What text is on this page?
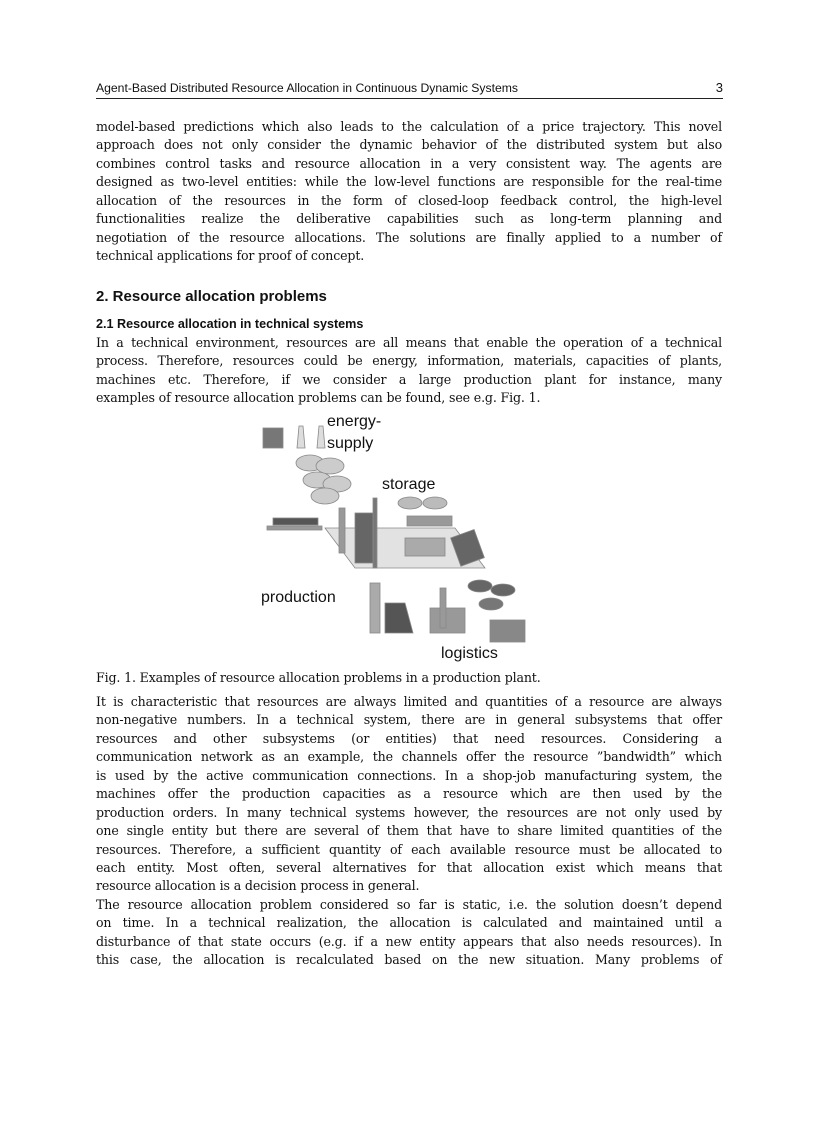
Agent-Based Distributed Resource Allocation in Continuous Dynamic Systems	3
model-based predictions which also leads to the calculation of a price trajectory. This novel
approach does not only consider the dynamic behavior of the distributed system but also
combines control tasks and resource allocation in a very consistent way. The agents are
designed as two-level entities: while the low-level functions are responsible for the real-time
allocation of the resources in the form of closed-loop feedback control, the high-level
functionalities realize the deliberative capabilities such as long-term planning and
negotiation of the resource allocations. The solutions are finally applied to a number of
technical applications for proof of concept.
2. Resource allocation problems
2.1 Resource allocation in technical systems
In a technical environment, resources are all means that enable the operation of a technical
process. Therefore, resources could be energy, information, materials, capacities of plants,
machines etc. Therefore, if we consider a large production plant for instance, many
examples of resource allocation problems can be found, see e.g. Fig. 1.
energy-
supply
storage
production
logistics
Fig. 1. Examples of resource allocation problems in a production plant.
It is characteristic that resources are always limited and quantities of a resource are always
non-negative numbers. In a technical system, there are in general subsystems that offer
resources and other subsystems (or entities) that need resources. Considering a
communication network as an example, the channels offer the resource ”bandwidth” which
is used by the active communication connections. In a shop-job manufacturing system, the
machines offer the production capacities as a resource which are then used by the
production orders. In many technical systems however, the resources are not only used by
one single entity but there are several of them that have to share limited quantities of the
resources. Therefore, a sufficient quantity of each available resource must be allocated to
each entity. Most often, several alternatives for that allocation exist which means that
resource allocation is a decision process in general.
The resource allocation problem considered so far is static, i.e. the solution doesn’t depend
on time. In a technical realization, the allocation is calculated and maintained until a
disturbance of that state occurs (e.g. if a new entity appears that also needs resources). In
this case, the allocation is recalculated based on the new situation. Many problems of
